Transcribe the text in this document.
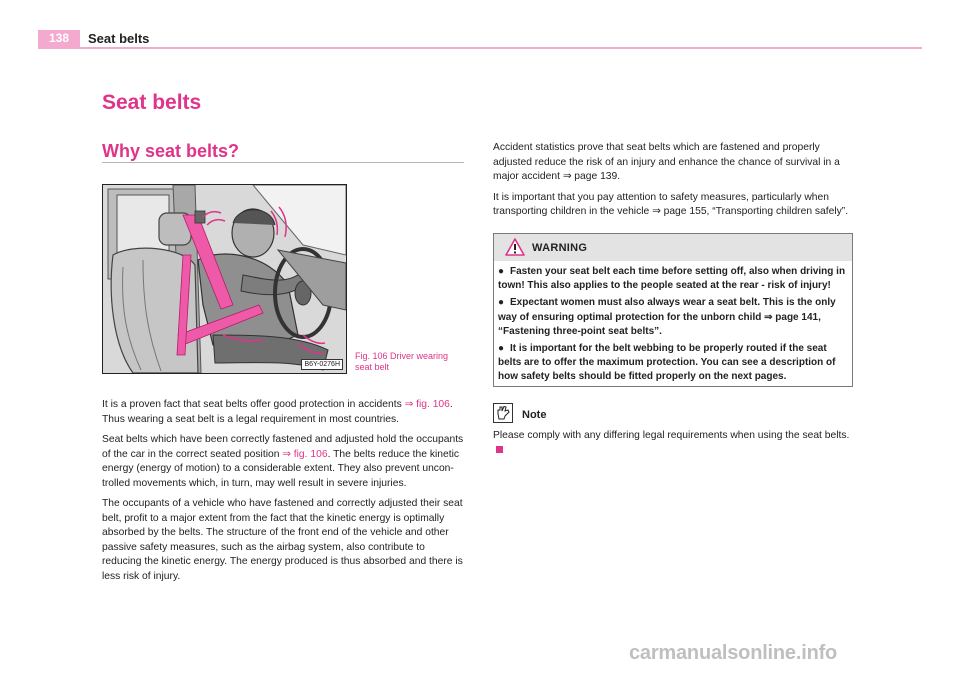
138	Seat belts
Seat belts
Why seat belts?
B6Y-0276H
Fig. 106 Driver wearing
seat belt

It is a proven fact that seat belts offer good protection in accidents ⇒ fig. 106. Thus wearing a seat belt is a legal requirement in most countries.

Seat belts which have been correctly fastened and adjusted hold the occupants of the car in the correct seated position ⇒ fig. 106. The belts reduce the kinetic energy (energy of motion) to a considerable extent. They also prevent uncon-trolled movements which, in turn, may well result in severe injuries.

The occupants of a vehicle who have fastened and correctly adjusted their seat belt, profit to a major extent from the fact that the kinetic energy is optimally absorbed by the belts. The structure of the front end of the vehicle and other passive safety measures, such as the airbag system, also contribute to reducing the kinetic energy. The energy produced is thus absorbed and there is less risk of injury.

Accident statistics prove that seat belts which are fastened and properly adjusted reduce the risk of an injury and enhance the chance of survival in a major accident ⇒ page 139.

It is important that you pay attention to safety measures, particularly when transporting children in the vehicle ⇒ page 155, “Transporting children safely”.

WARNING
● Fasten your seat belt each time before setting off, also when driving in town! This also applies to the people seated at the rear - risk of injury!
● Expectant women must also always wear a seat belt. This is the only way of ensuring optimal protection for the unborn child ⇒ page 141, “Fastening three-point seat belts”.
● It is important for the belt webbing to be properly routed if the seat belts are to offer the maximum protection. You can see a description of how safety belts should be fitted properly on the next pages.
Note

Please comply with any differing legal requirements when using the seat belts.

carmanualsonline.info
